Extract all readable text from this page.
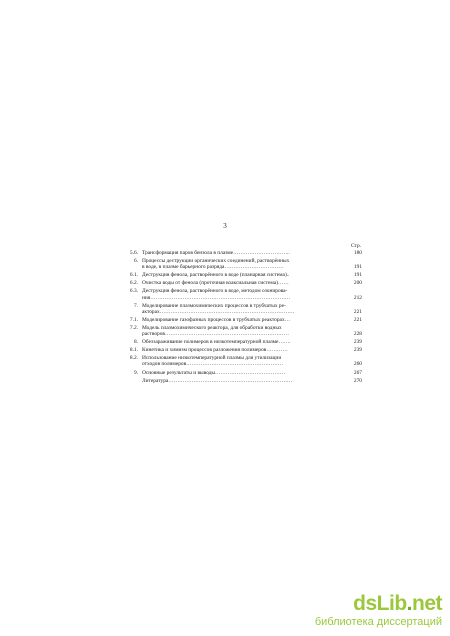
3
Стр.
5.6. Трансформация паров бензола в плазме…………………………..	180
6. Процессы деструкции органических соединений, растворённых
в воде, в плазме барьерного разряда……………………………	191
6.1. Деструкция фенола, растворённого в воде (планарная система)..	191
6.2. Очистка воды от фенола (проточная коаксиальная система)……	200
6.3. Деструкция фенола, растворённого в воде, методом озонирова-
ния……………………………………………………………………	212
7. Моделирование плазмохимических процессов в трубчатых ре-
акторах…………………………………………………………………	221
7.1. Моделирование газофазных процессов в трубчатых реакторах…	221
7.2. Модель плазмохимического реактора, для обработки водных
растворов……………………………………………………………	228
8. Обеззараживание полимеров в низкотемпературной плазме…….	239
8.1. Кинетика и химизм процессов разложения полимеров…………	239
8.2. Использование низкотемпературной плазмы для утилизации
отходов полимеров………………………………………………	260
9. Основные результаты и выводы…………………………………	267
Литература……………………………………………………………	270
dsLib.net
библиотека диссертаций
